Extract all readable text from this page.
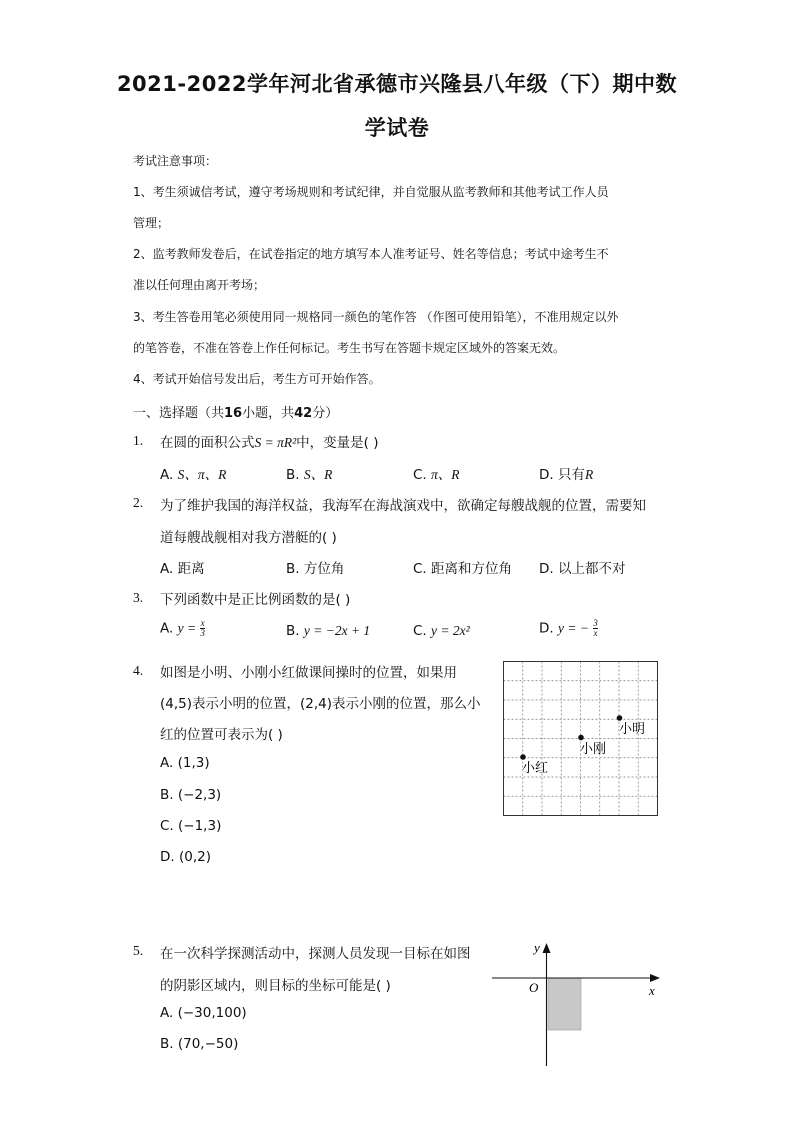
2021-2022学年河北省承德市兴隆县八年级（下）期中数
学试卷
考试注意事项：
1、考生须诚信考试，遵守考场规则和考试纪律，并自觉服从监考教师和其他考试工作人员
管理；
2、监考教师发卷后，在试卷指定的地方填写本人准考证号、姓名等信息；考试中途考生不
准以任何理由离开考场；
3、考生答卷用笔必须使用同一规格同一颜色的笔作答 （作图可使用铅笔），不准用规定以外
的笔答卷，不准在答卷上作任何标记。考生书写在答题卡规定区域外的答案无效。
4、考试开始信号发出后，考生方可开始作答。
一、选择题（共16小题，共42分）
1. 在圆的面积公式S = πR²中，变量是( )
A. S、π、R	B. S、R	C. π、R	D. 只有R
2. 为了维护我国的海洋权益，我海军在海战演戏中，欲确定每艘战舰的位置，需要知
道每艘战舰相对我方潜艇的( )
A. 距离	B. 方位角	C. 距离和方位角 D. 以上都不对
3. 下列函数中是正比例函数的是( )
A. $y = \frac{x}{3}$	B. y = −2x + 1	C. y = 2x²	D. y = − $\frac{3}{x}$
4. 如图是小明、小刚小红做课间操时的位置，如果用
(4,5)表示小明的位置，(2,4)表示小刚的位置，那么小
红的位置可表示为( )
A. (1,3)
B. (−2,3)
C. (−1,3)
D. (0,2)
小明
小刚
小红
5. 在一次科学探测活动中，探测人员发现一目标在如图
的阴影区域内，则目标的坐标可能是( )
A. (−30,100)
B. (70,−50)
y
x
O
